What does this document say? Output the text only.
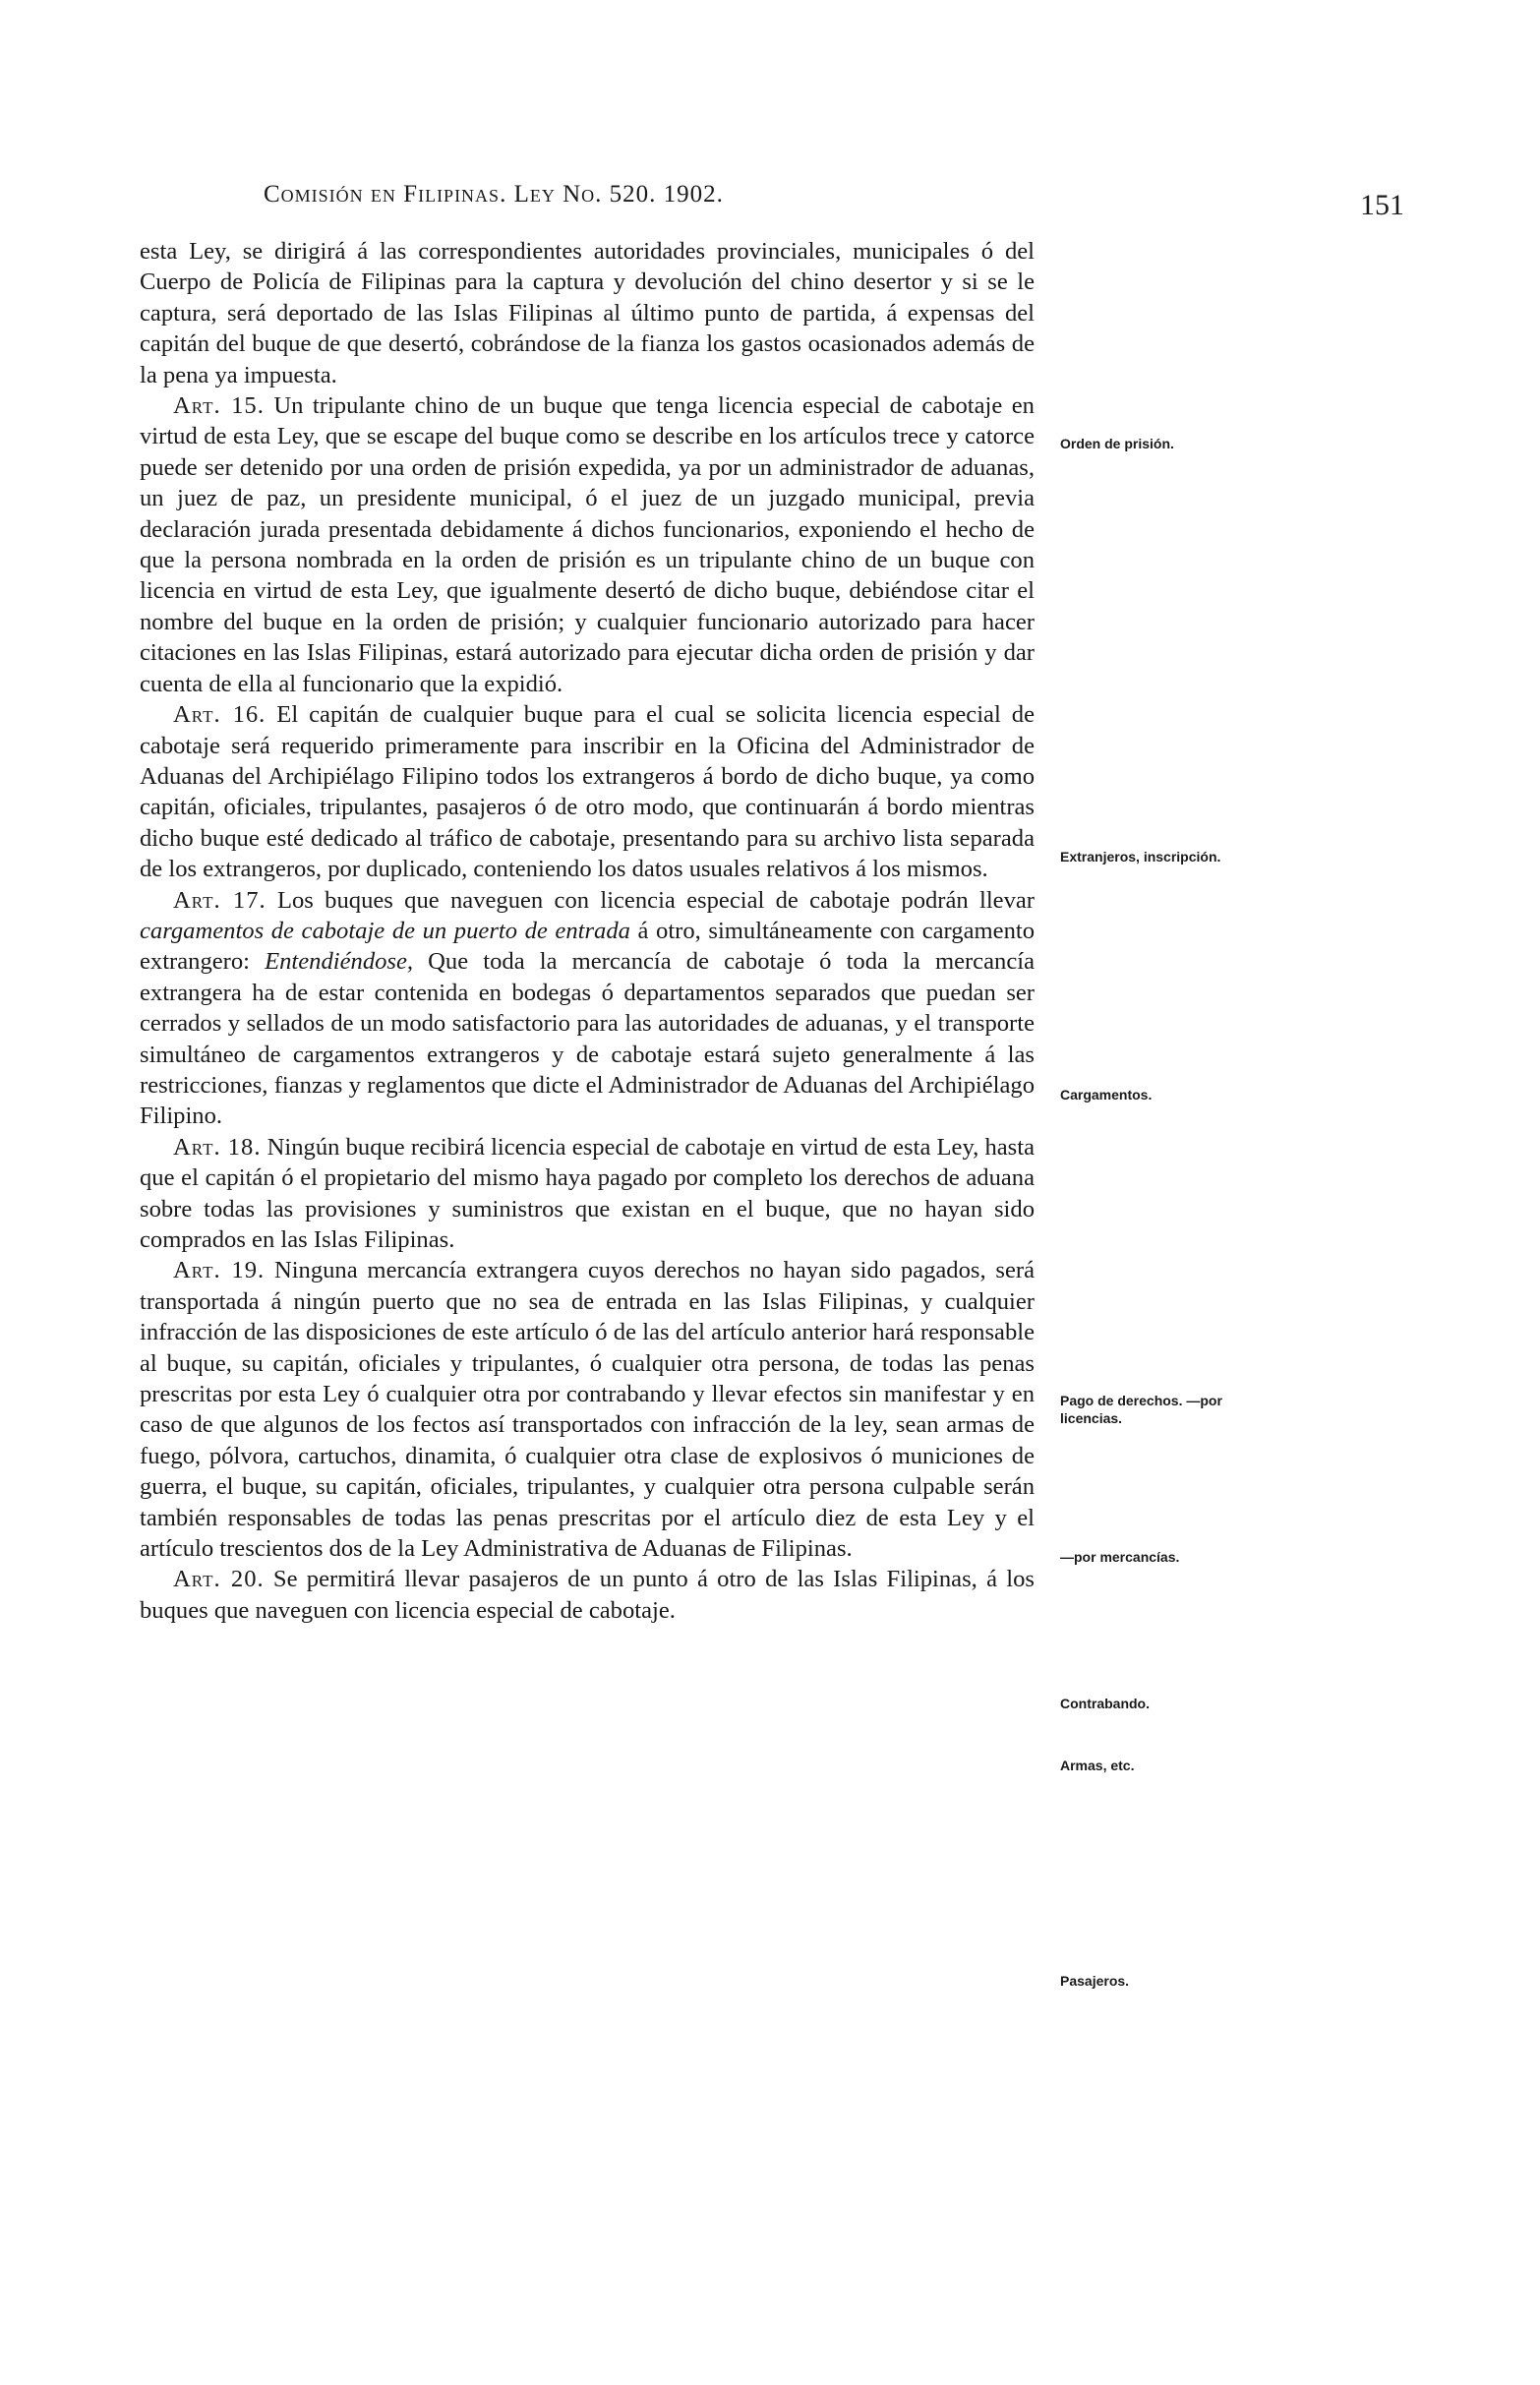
Comisión en Filipinas. Ley No. 520. 1902.	151

esta Ley, se dirigirá á las correspondientes autoridades provinciales, municipales ó del Cuerpo de Policía de Filipinas para la captura y devolución del chino desertor y si se le captura, será deportado de las Islas Filipinas al último punto de partida, á expensas del capitán del buque de que desertó, cobrándose de la fianza los gastos ocasionados además de la pena ya impuesta.

Art. 15. Un tripulante chino de un buque que tenga licencia especial de cabotaje en virtud de esta Ley, que se escape del buque como se describe en los artículos trece y catorce puede ser detenido por una orden de prisión expedida, ya por un administrador de aduanas, un juez de paz, un presidente municipal, ó el juez de un juzgado municipal, previa declaración jurada presentada debidamente á dichos funcionarios, exponiendo el hecho de que la persona nombrada en la orden de prisión es un tripulante chino de un buque con licencia en virtud de esta Ley, que igualmente desertó de dicho buque, debiéndose citar el nombre del buque en la orden de prisión; y cualquier funcionario autorizado para hacer citaciones en las Islas Filipinas, estará autorizado para ejecutar dicha orden de prisión y dar cuenta de ella al funcionario que la expidió.

Art. 16. El capitán de cualquier buque para el cual se solicita licencia especial de cabotaje será requerido primeramente para inscribir en la Oficina del Administrador de Aduanas del Archipiélago Filipino todos los extrangeros á bordo de dicho buque, ya como capitán, oficiales, tripulantes, pasajeros ó de otro modo, que continuarán á bordo mientras dicho buque esté dedicado al tráfico de cabotaje, presentando para su archivo lista separada de los extrangeros, por duplicado, conteniendo los datos usuales relativos á los mismos.

Art. 17. Los buques que naveguen con licencia especial de cabotaje podrán llevar cargamentos de cabotaje de un puerto de entrada á otro, simultáneamente con cargamento extrangero: Entendiéndose, Que toda la mercancía de cabotaje ó toda la mercancía extrangera ha de estar contenida en bodegas ó departamentos separados que puedan ser cerrados y sellados de un modo satisfactorio para las autoridades de aduanas, y el transporte simultáneo de cargamentos extrangeros y de cabotaje estará sujeto generalmente á las restricciones, fianzas y reglamentos que dicte el Administrador de Aduanas del Archipiélago Filipino.

Art. 18. Ningún buque recibirá licencia especial de cabotaje en virtud de esta Ley, hasta que el capitán ó el propietario del mismo haya pagado por completo los derechos de aduana sobre todas las provisiones y suministros que existan en el buque, que no hayan sido comprados en las Islas Filipinas.

Art. 19. Ninguna mercancía extrangera cuyos derechos no hayan sido pagados, será transportada á ningún puerto que no sea de entrada en las Islas Filipinas, y cualquier infracción de las disposiciones de este artículo ó de las del artículo anterior hará responsable al buque, su capitán, oficiales y tripulantes, ó cualquier otra persona, de todas las penas prescritas por esta Ley ó cualquier otra por contrabando y llevar efectos sin manifestar y en caso de que algunos de los fectos así transportados con infracción de la ley, sean armas de fuego, pólvora, cartuchos, dinamita, ó cualquier otra clase de explosivos ó municiones de guerra, el buque, su capitán, oficiales, tripulantes, y cualquier otra persona culpable serán también responsables de todas las penas prescritas por el artículo diez de esta Ley y el artículo trescientos dos de la Ley Administrativa de Aduanas de Filipinas.

Art. 20. Se permitirá llevar pasajeros de un punto á otro de las Islas Filipinas, á los buques que naveguen con licencia especial de cabotaje.

Orden de prisión.
Extranjeros, inscripción.
Cargamentos.
Pago de derechos. —por licencias.
—por mercancías.
Contrabando.
Armas, etc.
Pasajeros.
